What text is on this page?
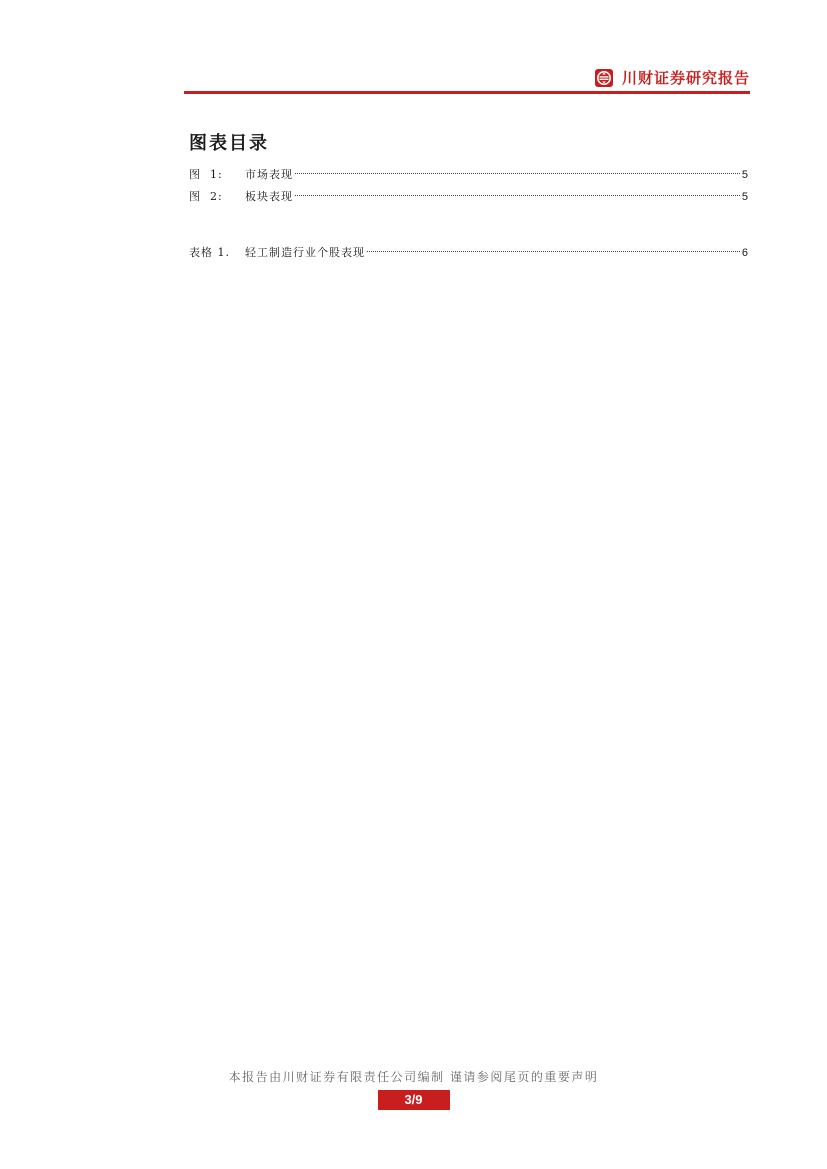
川财证券研究报告
图表目录
图  1:	市场表现	5
图  2:	板块表现	5
表格 1.	轻工制造行业个股表现	6
本报告由川财证券有限责任公司编制 谨请参阅尾页的重要声明
3/9
